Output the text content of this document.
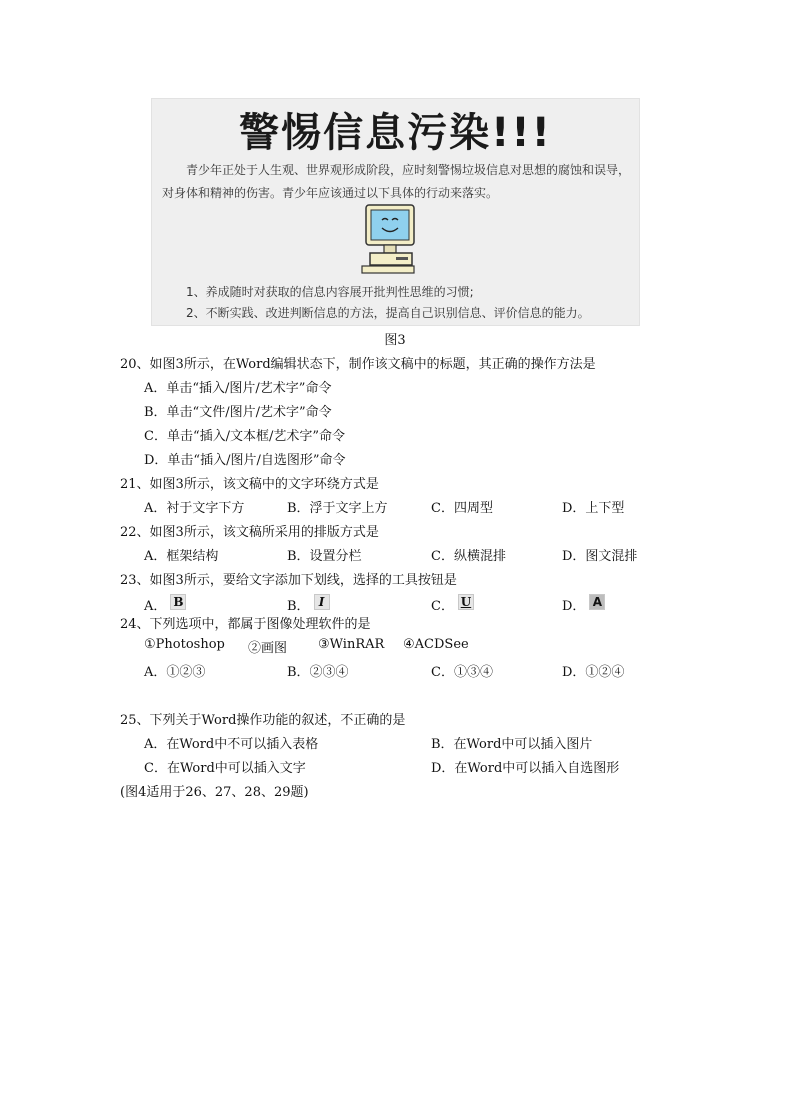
警惕信息污染!!!
青少年正处于人生观、世界观形成阶段，应时刻警惕垃圾信息对思想的腐蚀和误导，对身体和精神的伤害。青少年应该通过以下具体的行动来落实。
1、养成随时对获取的信息内容展开批判性思维的习惯;
2、不断实践、改进判断信息的方法，提高自己识别信息、评价信息的能力。
图3
20、如图3所示，在Word编辑状态下，制作该文稿中的标题，其正确的操作方法是
A．单击“插入/图片/艺术字”命令
B．单击“文件/图片/艺术字”命令
C．单击“插入/文本框/艺术字”命令
D．单击“插入/图片/自选图形”命令
21、如图3所示，该文稿中的文字环绕方式是
A．衬于文字下方	B．浮于文字上方	C．四周型	D．上下型
22、如图3所示，该文稿所采用的排版方式是
A．框架结构	B．设置分栏	C．纵横混排	D．图文混排
23、如图3所示，要给文字添加下划线，选择的工具按钮是
A． B	B． I	C． U	D． A
24、下列选项中，都属于图像处理软件的是
①Photoshop ②画图 ③WinRAR ④ACDSee
A．①②③	B．②③④	C．①③④	D．①②④
25、下列关于Word操作功能的叙述，不正确的是
A．在Word中不可以插入表格	B．在Word中可以插入图片
C．在Word中可以插入文字	D．在Word中可以插入自选图形
(图4适用于26、27、28、29题)
